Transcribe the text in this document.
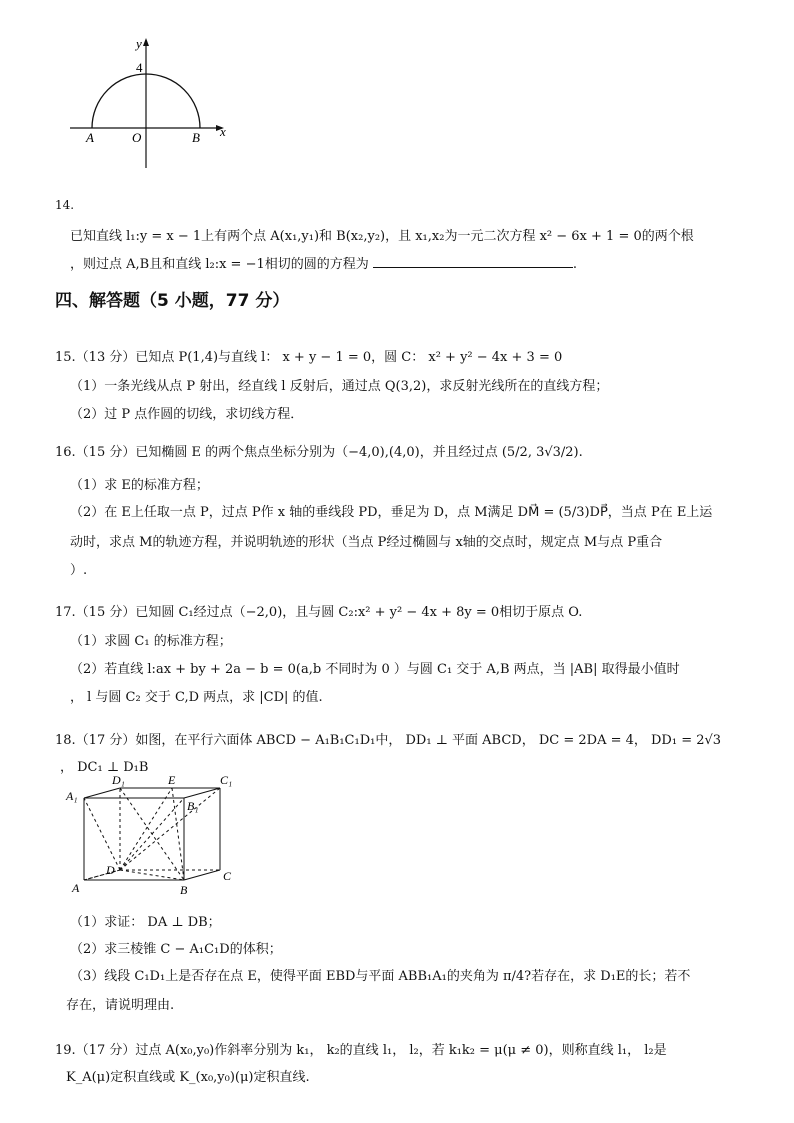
y
x
4
A	O	B
14.
已知直线 l₁:y = x − 1上有两个点 A(x₁,y₁)和 B(x₂,y₂)，且 x₁,x₂为一元二次方程 x² − 6x + 1 = 0的两个根
，则过点 A,B且和直线 l₂:x = −1相切的圆的方程为	.
四、解答题（5 小题，77 分）
15.（13 分）已知点 P(1,4)与直线 l： x + y − 1 = 0，圆 C： x² + y² − 4x + 3 = 0
（1）一条光线从点 P 射出，经直线 l 反射后，通过点 Q(3,2)，求反射光线所在的直线方程；
（2）过 P 点作圆的切线，求切线方程．
16.（15 分）已知椭圆 E 的两个焦点坐标分别为（−4,0),(4,0)，并且经过点 (5/2, 3√3/2).
（1）求 E的标准方程；
（2）在 E上任取一点 P，过点 P作 x 轴的垂线段 PD，垂足为 D，点 M满足 DM⃗ = (5/3)DP⃗，当点 P在 E上运
动时，求点 M的轨迹方程，并说明轨迹的形状（当点 P经过椭圆与 x轴的交点时，规定点 M与点 P重合
）.
17.（15 分）已知圆 C₁经过点（−2,0)，且与圆 C₂:x² + y² − 4x + 8y = 0相切于原点 O.
（1）求圆 C₁ 的标准方程；
（2）若直线 l:ax + by + 2a − b = 0(a,b 不同时为 0 ）与圆 C₁ 交于 A,B 两点，当 |AB| 取得最小值时
， l 与圆 C₂ 交于 C,D 两点，求 |CD| 的值.
18.（17 分）如图，在平行六面体 ABCD − A₁B₁C₁D₁中， DD₁ ⊥ 平面 ABCD， DC = 2DA = 4， DD₁ = 2√3
， DC₁ ⊥ D₁B
D₁	E	C₁
A₁
B₁
D	C
A	B
（1）求证： DA ⊥ DB；
（2）求三棱锥 C − A₁C₁D的体积；
（3）线段 C₁D₁上是否存在点 E，使得平面 EBD与平面 ABB₁A₁的夹角为 π/4?若存在，求 D₁E的长；若不
存在，请说明理由.
19.（17 分）过点 A(x₀,y₀)作斜率分别为 k₁， k₂的直线 l₁， l₂，若 k₁k₂ = μ(μ ≠ 0)，则称直线 l₁， l₂是
K_A(μ)定积直线或 K_(x₀,y₀)(μ)定积直线.
